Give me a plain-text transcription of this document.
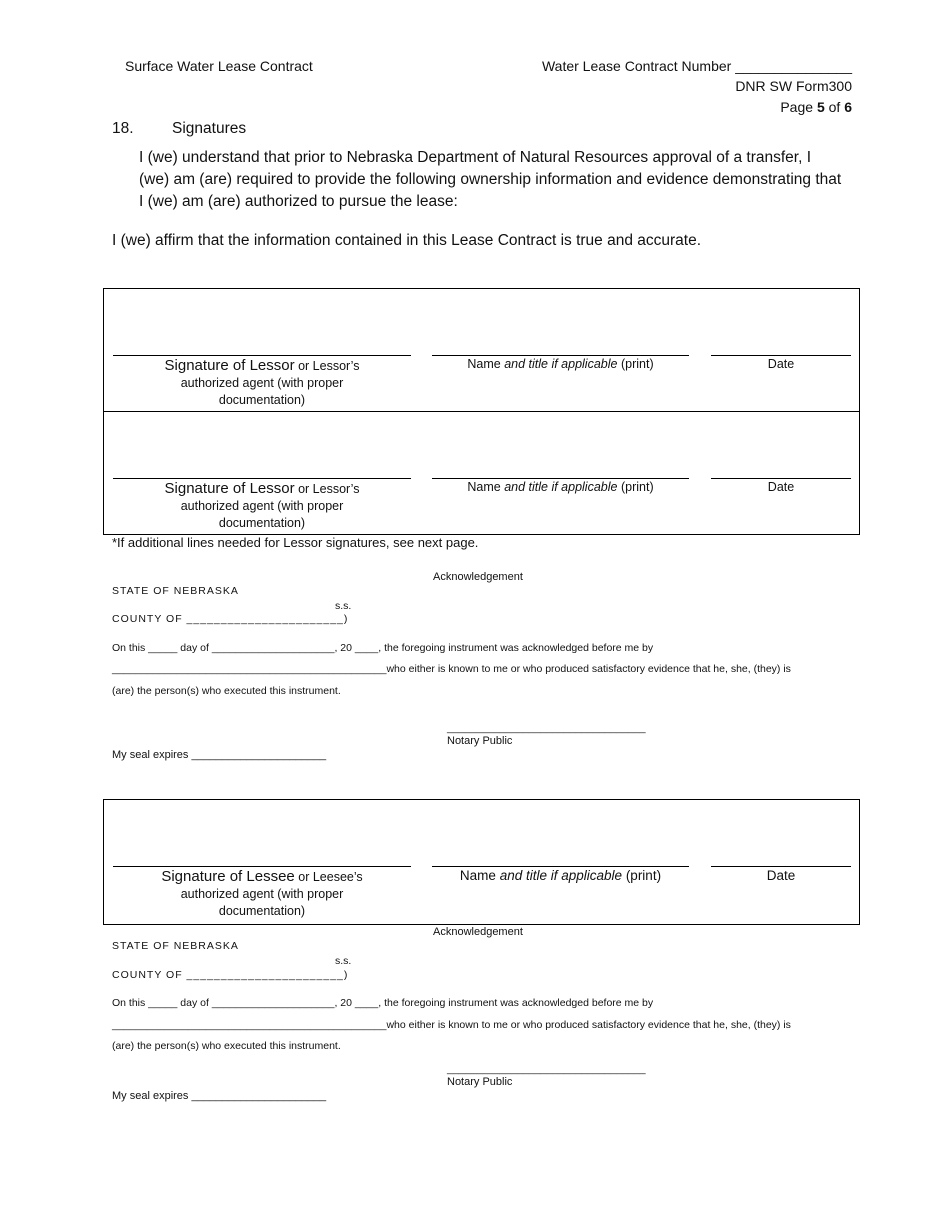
Surface Water Lease Contract	Water Lease Contract Number _______________
DNR SW Form300
Page 5 of 6
18. Signatures
I (we) understand that prior to Nebraska Department of Natural Resources approval of a transfer, I (we) am (are) required to provide the following ownership information and evidence demonstrating that I (we) am (are) authorized to pursue the lease:
I (we) affirm that the information contained in this Lease Contract is true and accurate.
Signature of Lessor or Lessor’s
authorized agent (with proper documentation)
Name and title if applicable (print)	Date
Signature of Lessor or Lessor’s
authorized agent (with proper documentation)
Name and title if applicable (print)	Date
*If additional lines needed for Lessor signatures, see next page.
Acknowledgement
STATE OF NEBRASKA
s.s.
COUNTY OF _______________________)
On this _____ day of _____________________, 20 ____, the foregoing instrument was acknowledged before me by
_______________________________________________who either is known to me or who produced satisfactory evidence that he, she, (they) is
(are) the person(s) who executed this instrument.
__________________________________
Notary Public
My seal expires ______________________
Signature of Lessee or Leesee’s
authorized agent (with proper documentation)
Name and title if applicable (print)	Date
Acknowledgement
STATE OF NEBRASKA
s.s.
COUNTY OF _______________________)
On this _____ day of _____________________, 20 ____, the foregoing instrument was acknowledged before me by
_______________________________________________who either is known to me or who produced satisfactory evidence that he, she, (they) is
(are) the person(s) who executed this instrument.
__________________________________
Notary Public
My seal expires ______________________
